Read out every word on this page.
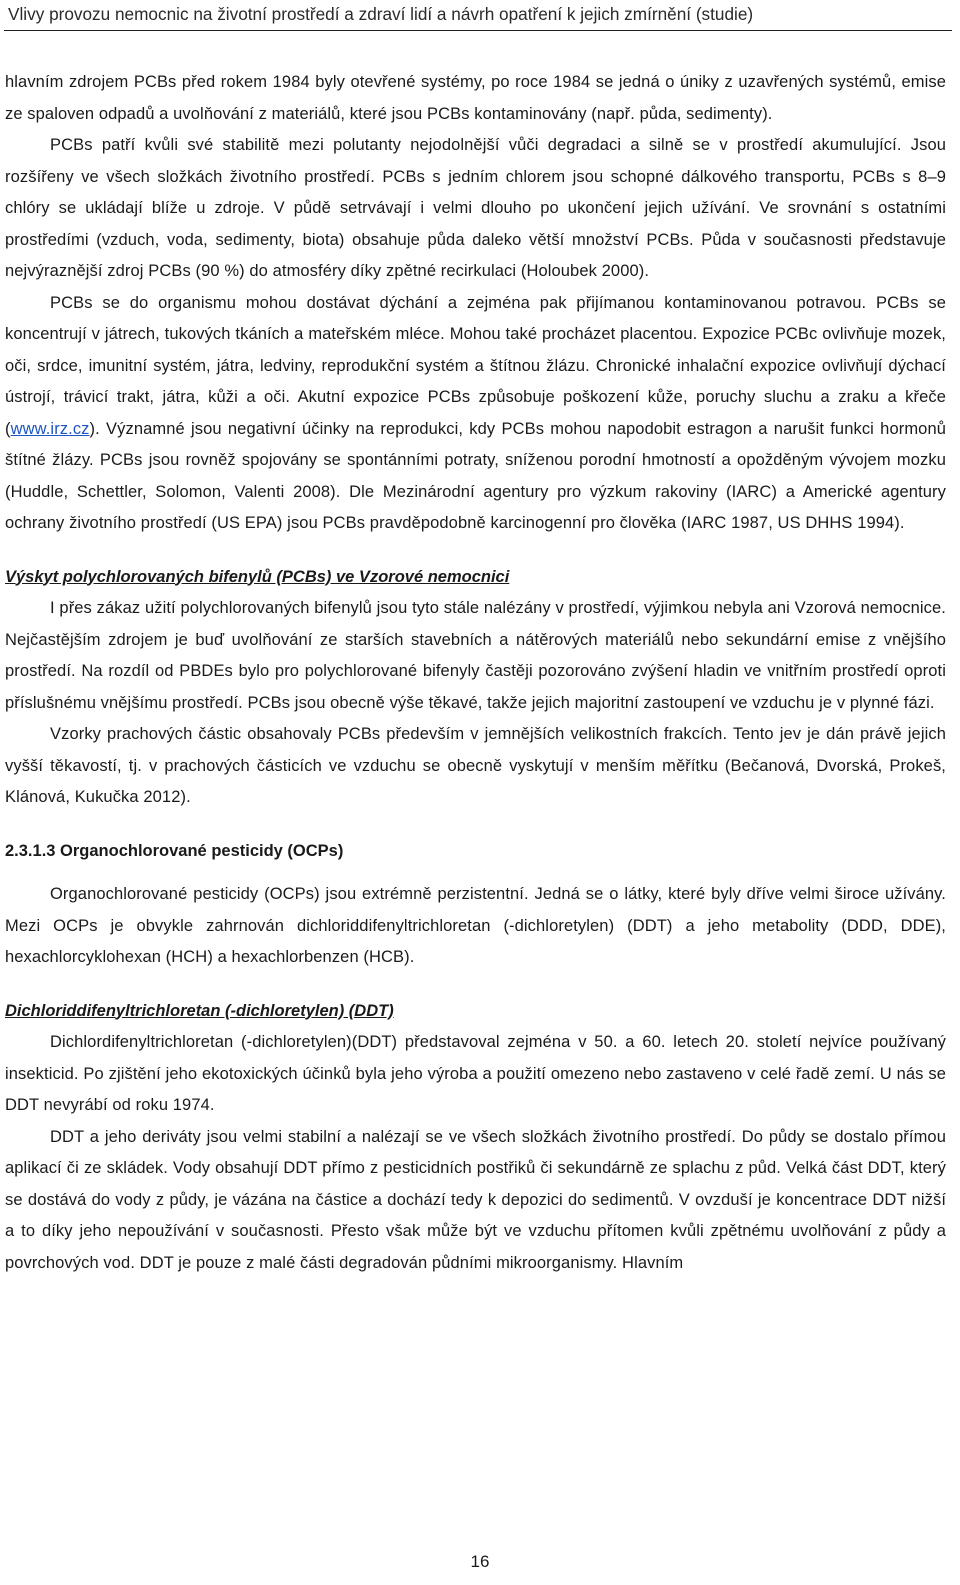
Vlivy provozu nemocnic na životní prostředí a zdraví lidí a návrh opatření k jejich zmírnění (studie)

hlavním zdrojem PCBs před rokem 1984 byly otevřené systémy, po roce 1984 se jedná o úniky z uzavřených systémů, emise ze spaloven odpadů a uvolňování z materiálů, které jsou PCBs kontaminovány (např. půda, sedimenty).

PCBs patří kvůli své stabilitě mezi polutanty nejodolnější vůči degradaci a silně se v prostředí akumulující. Jsou rozšířeny ve všech složkách životního prostředí. PCBs s jedním chlorem jsou schopné dálkového transportu, PCBs s 8–9 chlóry se ukládají blíže u zdroje. V půdě setrvávají i velmi dlouho po ukončení jejich užívání. Ve srovnání s ostatními prostředími (vzduch, voda, sedimenty, biota) obsahuje půda daleko větší množství PCBs. Půda v současnosti představuje nejvýraznější zdroj PCBs (90 %) do atmosféry díky zpětné recirkulaci (Holoubek 2000).

PCBs se do organismu mohou dostávat dýchání a zejména pak přijímanou kontaminovanou potravou. PCBs se koncentrují v játrech, tukových tkáních a mateřském mléce. Mohou také procházet placentou. Expozice PCBc ovlivňuje mozek, oči, srdce, imunitní systém, játra, ledviny, reprodukční systém a štítnou žlázu. Chronické inhalační expozice ovlivňují dýchací ústrojí, trávicí trakt, játra, kůži a oči. Akutní expozice PCBs způsobuje poškození kůže, poruchy sluchu a zraku a křeče (www.irz.cz). Významné jsou negativní účinky na reprodukci, kdy PCBs mohou napodobit estragon a narušit funkci hormonů štítné žlázy. PCBs jsou rovněž spojovány se spontánními potraty, sníženou porodní hmotností a opožděným vývojem mozku (Huddle, Schettler, Solomon, Valenti 2008). Dle Mezinárodní agentury pro výzkum rakoviny (IARC) a Americké agentury ochrany životního prostředí (US EPA) jsou PCBs pravděpodobně karcinogenní pro člověka (IARC 1987, US DHHS 1994).

Výskyt polychlorovaných bifenylů (PCBs) ve Vzorové nemocnici

I přes zákaz užití polychlorovaných bifenylů jsou tyto stále nalézány v prostředí, výjimkou nebyla ani Vzorová nemocnice. Nejčastějším zdrojem je buď uvolňování ze starších stavebních a nátěrových materiálů nebo sekundární emise z vnějšího prostředí. Na rozdíl od PBDEs bylo pro polychlorované bifenyly častěji pozorováno zvýšení hladin ve vnitřním prostředí oproti příslušnému vnějšímu prostředí. PCBs jsou obecně výše těkavé, takže jejich majoritní zastoupení ve vzduchu je v plynné fázi.

Vzorky prachových částic obsahovaly PCBs především v jemnějších velikostních frakcích. Tento jev je dán právě jejich vyšší těkavostí, tj. v prachových částicích ve vzduchu se obecně vyskytují v menším měřítku (Bečanová, Dvorská, Prokeš, Klánová, Kukučka 2012).

2.3.1.3 Organochlorované pesticidy (OCPs)

Organochlorované pesticidy (OCPs) jsou extrémně perzistentní. Jedná se o látky, které byly dříve velmi široce užívány. Mezi OCPs je obvykle zahrnován dichloriddifenyltrichloretan (-dichloretylen) (DDT) a jeho metabolity (DDD, DDE), hexachlorcyklohexan (HCH) a hexachlorbenzen (HCB).

Dichloriddifenyltrichloretan (-dichloretylen) (DDT)

Dichlordifenyltrichloretan (-dichloretylen)(DDT) představoval zejména v 50. a 60. letech 20. století nejvíce používaný insekticid. Po zjištění jeho ekotoxických účinků byla jeho výroba a použití omezeno nebo zastaveno v celé řadě zemí. U nás se DDT nevyrábí od roku 1974.

DDT a jeho deriváty jsou velmi stabilní a nalézají se ve všech složkách životního prostředí. Do půdy se dostalo přímou aplikací či ze skládek. Vody obsahují DDT přímo z pesticidních postřiků či sekundárně ze splachu z půd. Velká část DDT, který se dostává do vody z půdy, je vázána na částice a dochází tedy k depozici do sedimentů. V ovzduší je koncentrace DDT nižší a to díky jeho nepoužívání v současnosti. Přesto však může být ve vzduchu přítomen kvůli zpětnému uvolňování z půdy a povrchových vod. DDT je pouze z malé části degradován půdními mikroorganismy. Hlavním

16
